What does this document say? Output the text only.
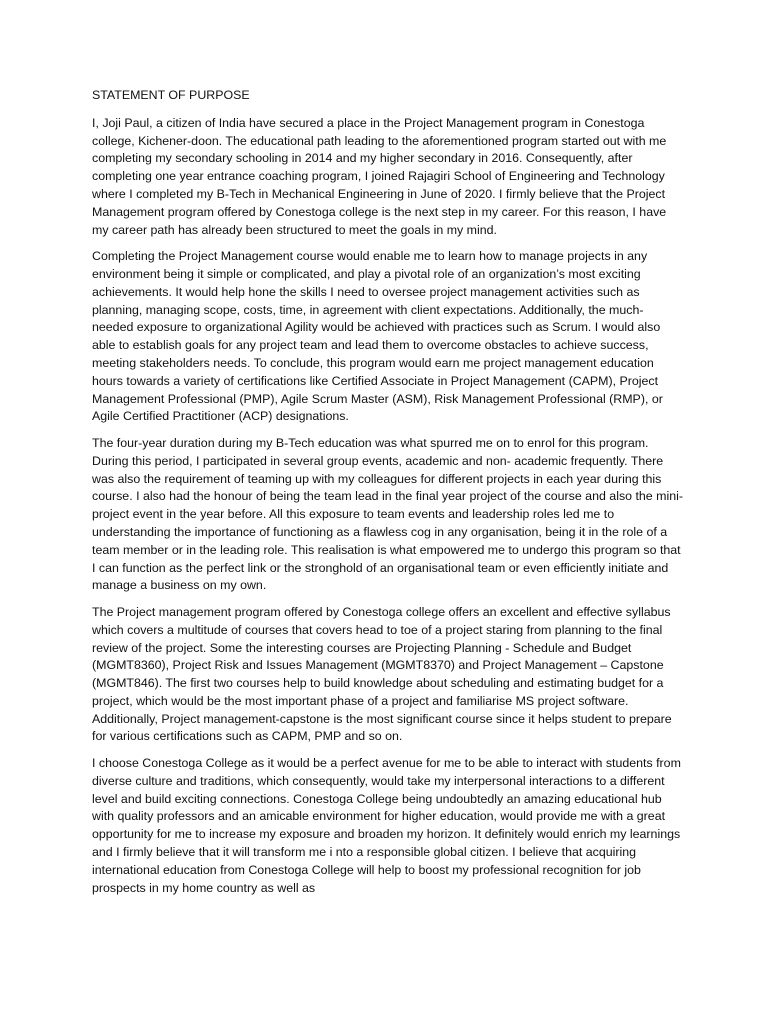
STATEMENT OF PURPOSE

I, Joji Paul, a citizen of India have secured a place in the Project Management program in Conestoga college, Kichener-doon. The educational path leading to the aforementioned program started out with me completing my secondary schooling in 2014 and my higher secondary in 2016. Consequently, after completing one year entrance coaching program, I joined Rajagiri School of Engineering and Technology where I completed my B-Tech in Mechanical Engineering in June of 2020. I firmly believe that the Project Management program offered by Conestoga college is the next step in my career. For this reason, I have my career path has already been structured to meet the goals in my mind.

Completing the Project Management course would enable me to learn how to manage projects in any environment being it simple or complicated, and play a pivotal role of an organization’s most exciting achievements. It would help hone the skills I need to oversee project management activities such as planning, managing scope, costs, time, in agreement with client expectations. Additionally, the much-needed exposure to organizational Agility would be achieved with practices such as Scrum. I would also able to establish goals for any project team and lead them to overcome obstacles to achieve success, meeting stakeholders needs. To conclude, this program would earn me project management education hours towards a variety of certifications like Certified Associate in Project Management (CAPM), Project Management Professional (PMP), Agile Scrum Master (ASM), Risk Management Professional (RMP), or Agile Certified Practitioner (ACP) designations.

The four-year duration during my B-Tech education was what spurred me on to enrol for this program. During this period, I participated in several group events, academic and non- academic frequently. There was also the requirement of teaming up with my colleagues for different projects in each year during this course. I also had the honour of being the team lead in the final year project of the course and also the mini- project event in the year before. All this exposure to team events and leadership roles led me to understanding the importance of functioning as a flawless cog in any organisation, being it in the role of a team member or in the leading role. This realisation is what empowered me to undergo this program so that I can function as the perfect link or the stronghold of an organisational team or even efficiently initiate and manage a business on my own.

The Project management program offered by Conestoga college offers an excellent and effective syllabus which covers a multitude of courses that covers head to toe of a project staring from planning to the final review of the project. Some the interesting courses are Projecting Planning - Schedule and Budget (MGMT8360), Project Risk and Issues Management (MGMT8370) and Project Management – Capstone (MGMT846). The first two courses help to build knowledge about scheduling and estimating budget for a project, which would be the most important phase of a project and familiarise MS project software. Additionally, Project management-capstone is the most significant course since it helps student to prepare for various certifications such as CAPM, PMP and so on.

I choose Conestoga College as it would be a perfect avenue for me to be able to interact with students from diverse culture and traditions, which consequently, would take my interpersonal interactions to a different level and build exciting connections. Conestoga College being undoubtedly an amazing educational hub with quality professors and an amicable environment for higher education, would provide me with a great opportunity for me to increase my exposure and broaden my horizon. It definitely would enrich my learnings and I firmly believe that it will transform me i nto a responsible global citizen. I believe that acquiring international education from Conestoga College will help to boost my professional recognition for job prospects in my home country as well as
